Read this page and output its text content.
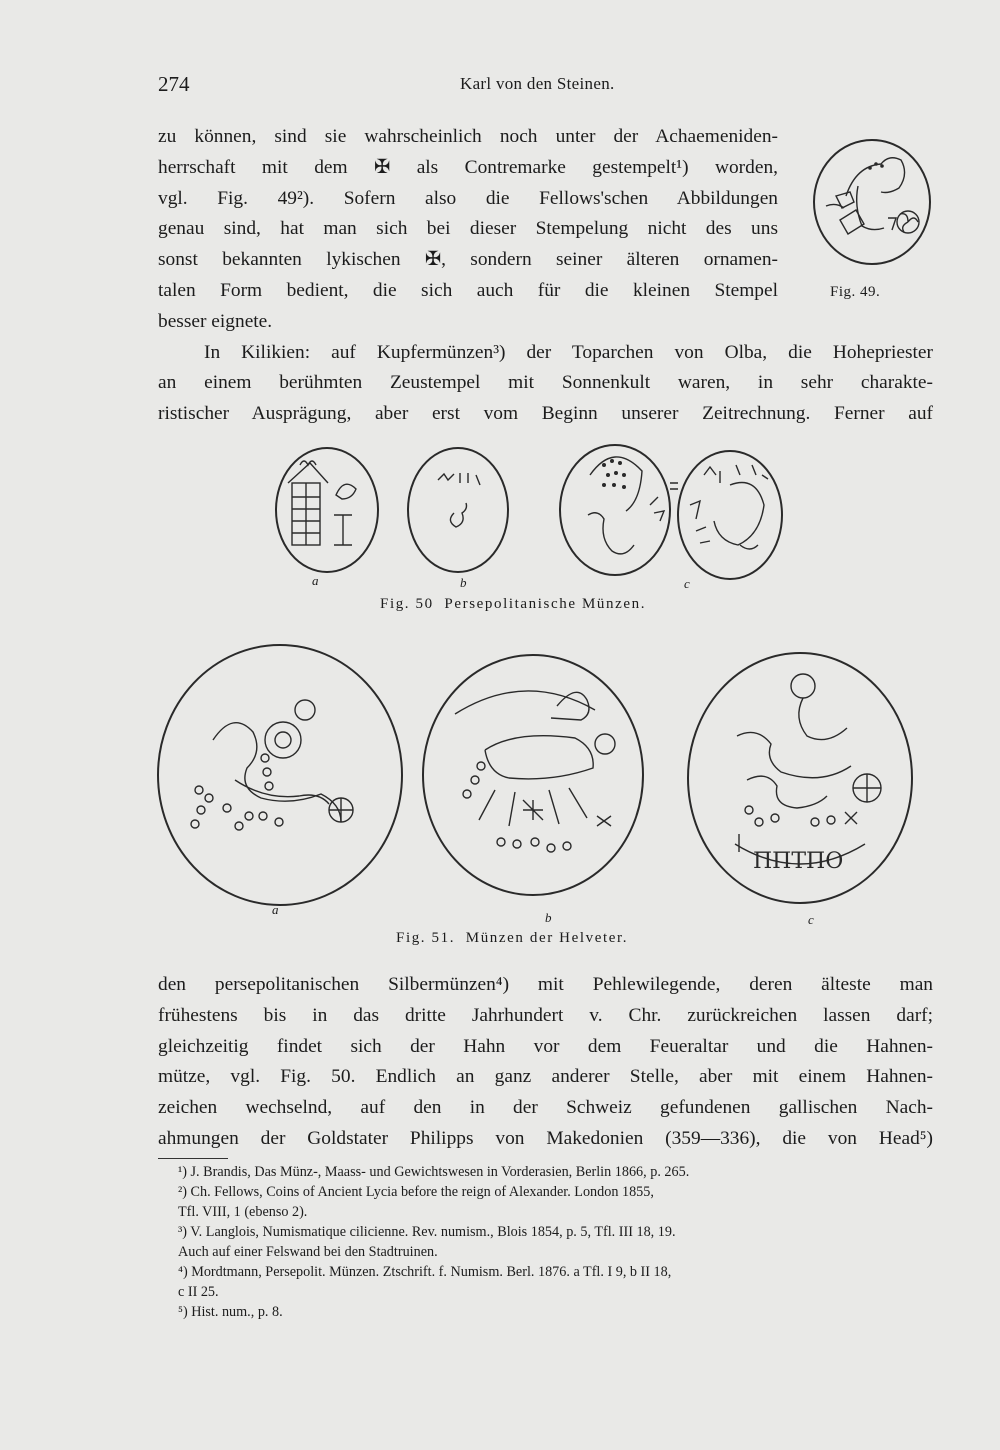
274	Karl von den Steinen.
zu können, sind sie wahrscheinlich noch unter der Achaemeniden-
herrschaft mit dem ✠ als Contremarke gestempelt¹) worden,
vgl. Fig. 49²). Sofern also die Fellows'schen Abbildungen
genau sind, hat man sich bei dieser Stempelung nicht des uns
sonst bekannten lykischen ✠, sondern seiner älteren ornamen-
talen Form bedient, die sich auch für die kleinen Stempel
besser eignete.
In Kilikien: auf Kupfermünzen³) der Toparchen von Olba, die Hohepriester
an einem berühmten Zeustempel mit Sonnenkult waren, in sehr charakte-
ristischer Ausprägung, aber erst vom Beginn unserer Zeitrechnung. Ferner auf
Fig. 49.
a	b	c
Fig. 50 Persepolitanische Münzen.
ΠΠΤΠΟ
a
b	c
Fig. 51. Münzen der Helveter.
den persepolitanischen Silbermünzen⁴) mit Pehlewilegende, deren älteste man
frühestens bis in das dritte Jahrhundert v. Chr. zurückreichen lassen darf;
gleichzeitig findet sich der Hahn vor dem Feueraltar und die Hahnen-
mütze, vgl. Fig. 50. Endlich an ganz anderer Stelle, aber mit einem Hahnen-
zeichen wechselnd, auf den in der Schweiz gefundenen gallischen Nach-
ahmungen der Goldstater Philipps von Makedonien (359—336), die von Head⁵)
¹) J. Brandis, Das Münz-, Maass- und Gewichtswesen in Vorderasien, Berlin 1866, p. 265.
²) Ch. Fellows, Coins of Ancient Lycia before the reign of Alexander. London 1855,
Tfl. VIII, 1 (ebenso 2).
³) V. Langlois, Numismatique cilicienne. Rev. numism., Blois 1854, p. 5, Tfl. III 18, 19.
Auch auf einer Felswand bei den Stadtruinen.
⁴) Mordtmann, Persepolit. Münzen. Ztschrift. f. Numism. Berl. 1876. a Tfl. I 9, b II 18,
c II 25.
⁵) Hist. num., p. 8.
